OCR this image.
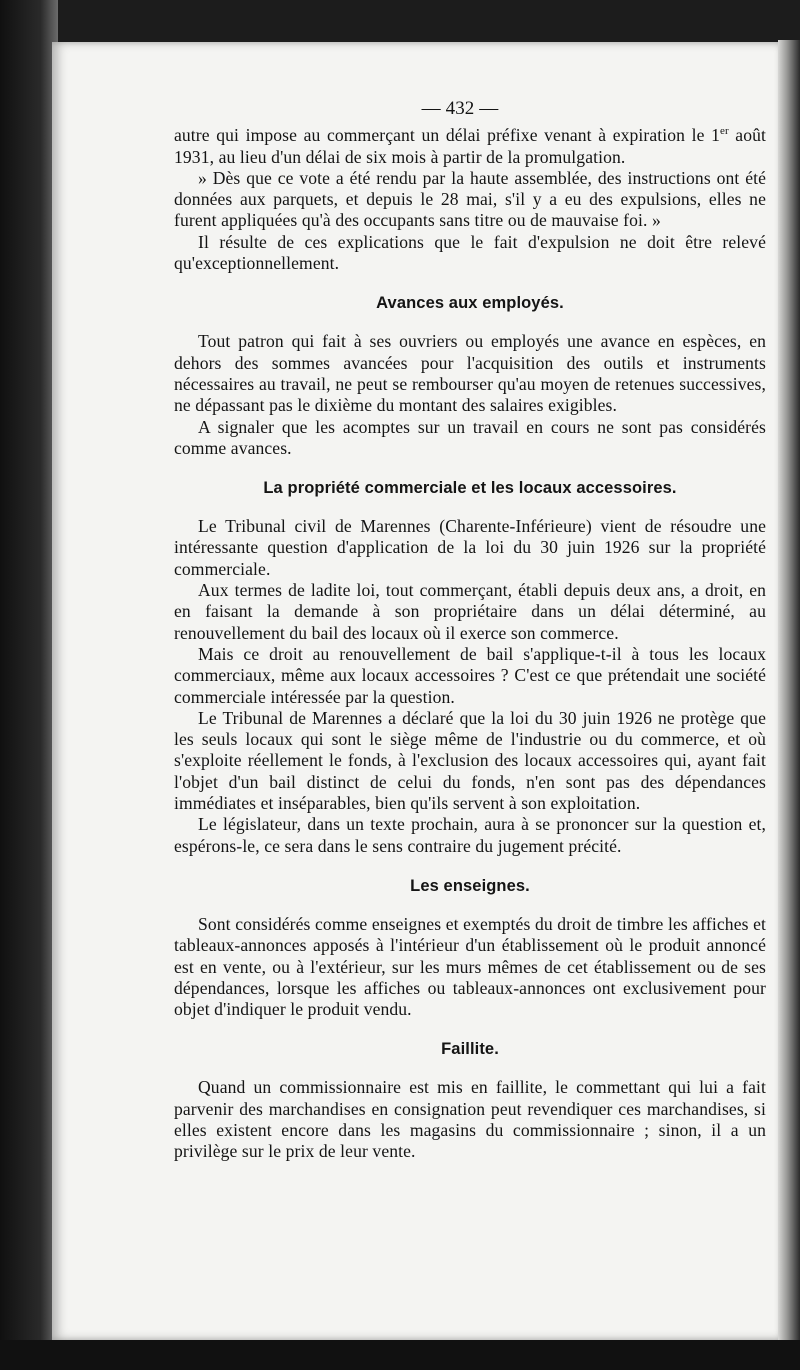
— 432 —

autre qui impose au commerçant un délai préfixe venant à expiration le 1er août 1931, au lieu d'un délai de six mois à partir de la promulgation.

» Dès que ce vote a été rendu par la haute assemblée, des instructions ont été données aux parquets, et depuis le 28 mai, s'il y a eu des expulsions, elles ne furent appliquées qu'à des occupants sans titre ou de mauvaise foi. »

Il résulte de ces explications que le fait d'expulsion ne doit être relevé qu'exceptionnellement.

Avances aux employés.

Tout patron qui fait à ses ouvriers ou employés une avance en espèces, en dehors des sommes avancées pour l'acquisition des outils et instruments nécessaires au travail, ne peut se rembourser qu'au moyen de retenues successives, ne dépassant pas le dixième du montant des salaires exigibles.

A signaler que les acomptes sur un travail en cours ne sont pas considérés comme avances.

La propriété commerciale et les locaux accessoires.

Le Tribunal civil de Marennes (Charente-Inférieure) vient de résoudre une intéressante question d'application de la loi du 30 juin 1926 sur la propriété commerciale.

Aux termes de ladite loi, tout commerçant, établi depuis deux ans, a droit, en en faisant la demande à son propriétaire dans un délai déterminé, au renouvellement du bail des locaux où il exerce son commerce.

Mais ce droit au renouvellement de bail s'applique-t-il à tous les locaux commerciaux, même aux locaux accessoires ? C'est ce que prétendait une société commerciale intéressée par la question.

Le Tribunal de Marennes a déclaré que la loi du 30 juin 1926 ne protège que les seuls locaux qui sont le siège même de l'industrie ou du commerce, et où s'exploite réellement le fonds, à l'exclusion des locaux accessoires qui, ayant fait l'objet d'un bail distinct de celui du fonds, n'en sont pas des dépendances immédiates et inséparables, bien qu'ils servent à son exploitation.

Le législateur, dans un texte prochain, aura à se prononcer sur la question et, espérons-le, ce sera dans le sens contraire du jugement précité.

Les enseignes.

Sont considérés comme enseignes et exemptés du droit de timbre les affiches et tableaux-annonces apposés à l'intérieur d'un établissement où le produit annoncé est en vente, ou à l'extérieur, sur les murs mêmes de cet établissement ou de ses dépendances, lorsque les affiches ou tableaux-annonces ont exclusivement pour objet d'indiquer le produit vendu.

Faillite.

Quand un commissionnaire est mis en faillite, le commettant qui lui a fait parvenir des marchandises en consignation peut revendiquer ces marchandises, si elles existent encore dans les magasins du commissionnaire ; sinon, il a un privilège sur le prix de leur vente.
